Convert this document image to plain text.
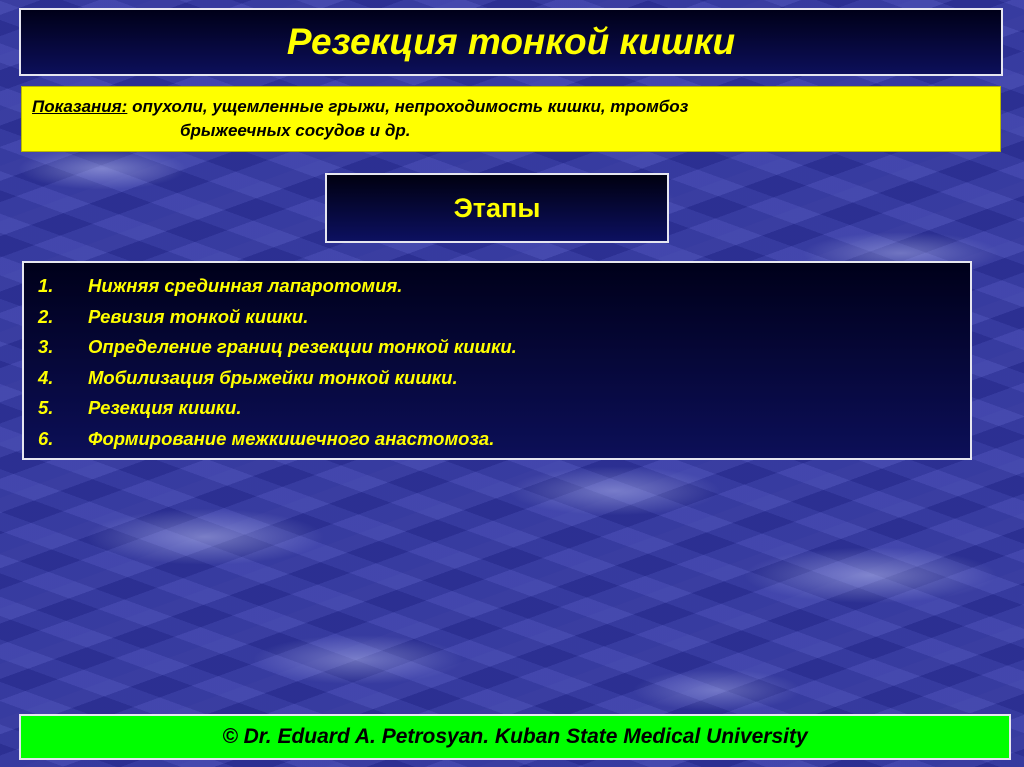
Резекция тонкой кишки
Показания: опухоли, ущемленные грыжи, непроходимость кишки, тромбоз
брыжеечных сосудов и др.
Этапы
1.	Нижняя срединная лапаротомия.
2.	Ревизия тонкой кишки.
3.	Определение границ резекции тонкой кишки.
4.	Мобилизация брыжейки тонкой кишки.
5.	Резекция кишки.
6.	Формирование межкишечного анастомоза.
© Dr. Eduard A. Petrosyan. Kuban State Medical University
